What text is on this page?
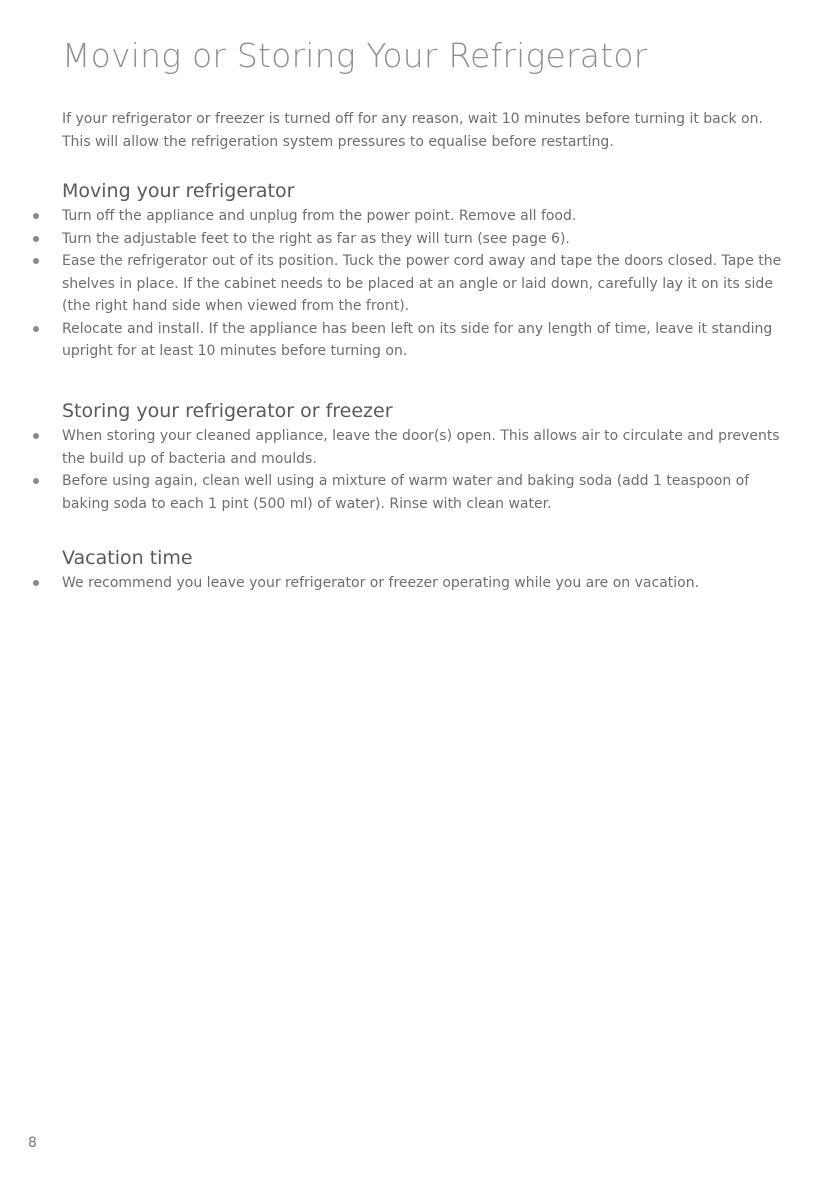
Moving or Storing Your Refrigerator

If your refrigerator or freezer is turned off for any reason, wait 10 minutes before turning it back on. This will allow the refrigeration system pressures to equalise before restarting.

Moving your refrigerator
Turn off the appliance and unplug from the power point. Remove all food.
Turn the adjustable feet to the right as far as they will turn (see page 6).
Ease the refrigerator out of its position. Tuck the power cord away and tape the doors closed. Tape the shelves in place. If the cabinet needs to be placed at an angle or laid down, carefully lay it on its side (the right hand side when viewed from the front).
Relocate and install. If the appliance has been left on its side for any length of time, leave it standing upright for at least 10 minutes before turning on.
Storing your refrigerator or freezer
When storing your cleaned appliance, leave the door(s) open. This allows air to circulate and prevents the build up of bacteria and moulds.
Before using again, clean well using a mixture of warm water and baking soda (add 1 teaspoon of baking soda to each 1 pint (500 ml) of water). Rinse with clean water.
Vacation time
We recommend you leave your refrigerator or freezer operating while you are on vacation.
8
